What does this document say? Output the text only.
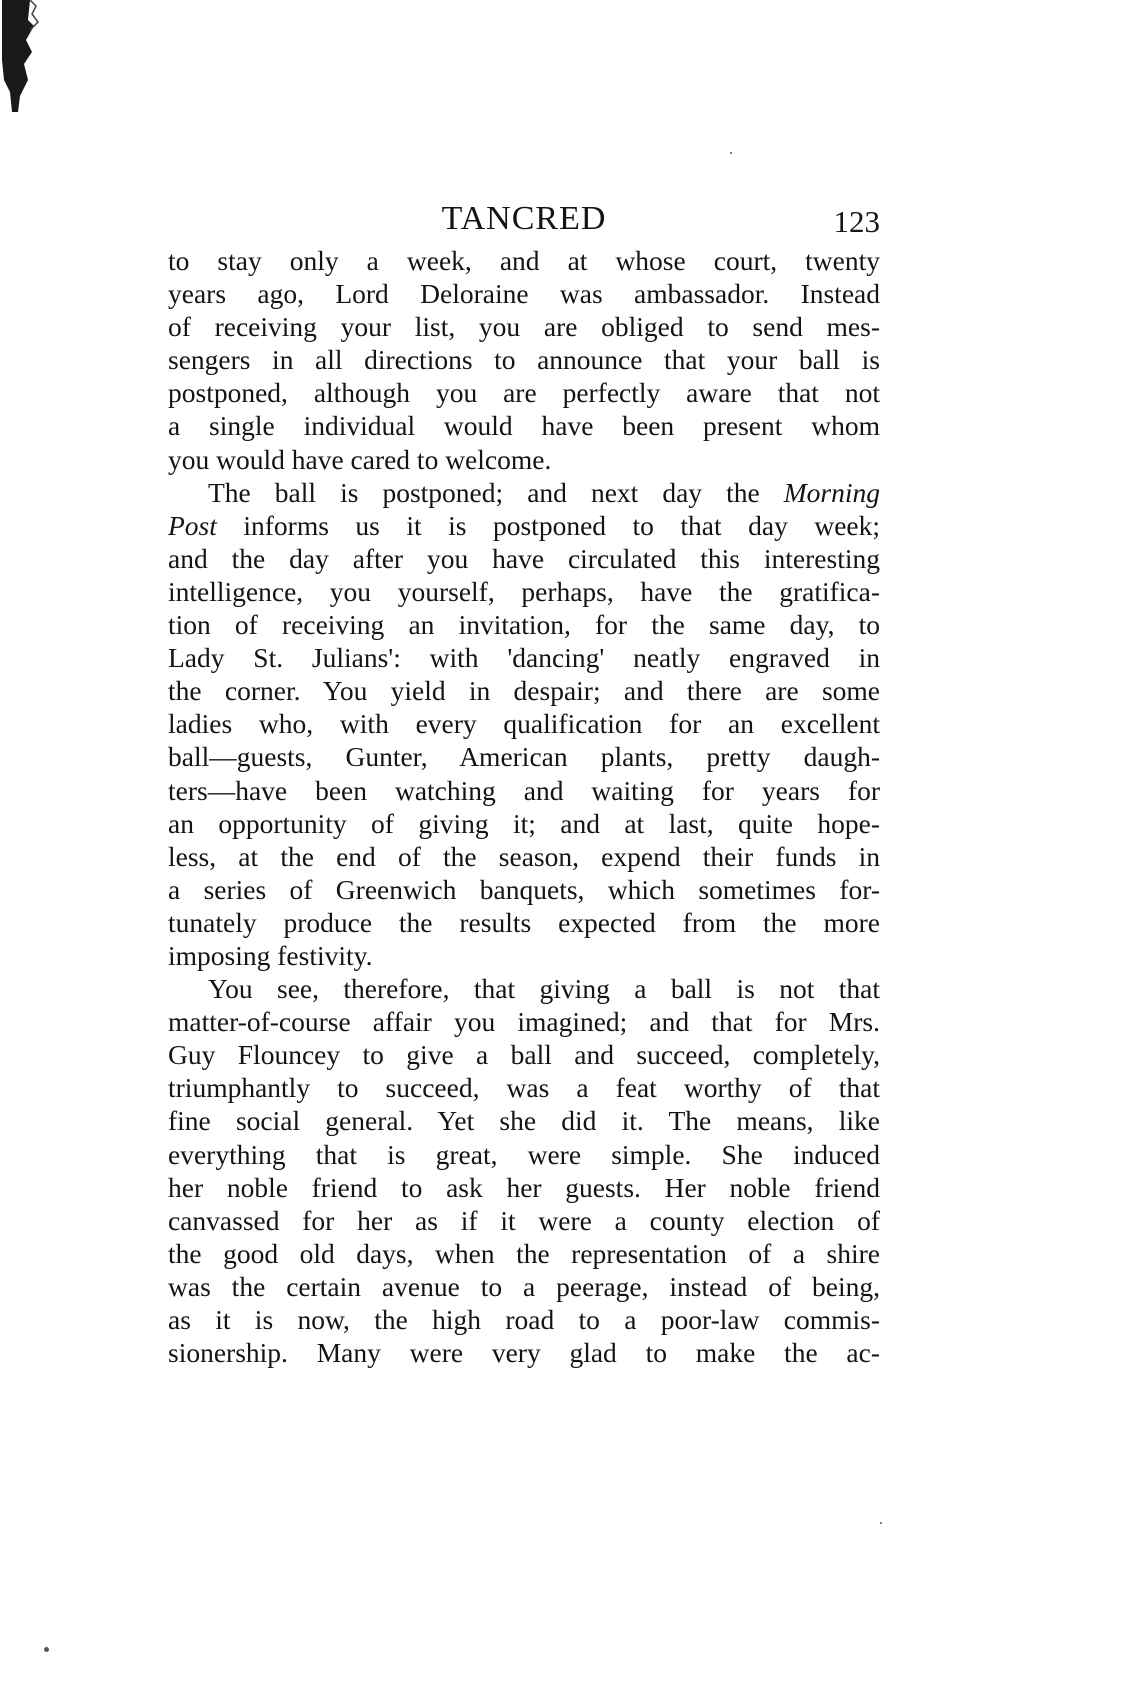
TANCRED	123
to stay only a week, and at whose court, twenty
years ago, Lord Deloraine was ambassador. Instead
of receiving your list, you are obliged to send mes-
sengers in all directions to announce that your ball is
postponed, although you are perfectly aware that not
a single individual would have been present whom
you would have cared to welcome.
The ball is postponed; and next day the Morning
Post informs us it is postponed to that day week;
and the day after you have circulated this interesting
intelligence, you yourself, perhaps, have the gratifica-
tion of receiving an invitation, for the same day, to
Lady St. Julians': with 'dancing' neatly engraved in
the corner. You yield in despair; and there are some
ladies who, with every qualification for an excellent
ball—guests, Gunter, American plants, pretty daugh-
ters—have been watching and waiting for years for
an opportunity of giving it; and at last, quite hope-
less, at the end of the season, expend their funds in
a series of Greenwich banquets, which sometimes for-
tunately produce the results expected from the more
imposing festivity.
You see, therefore, that giving a ball is not that
matter-of-course affair you imagined; and that for Mrs.
Guy Flouncey to give a ball and succeed, completely,
triumphantly to succeed, was a feat worthy of that
fine social general. Yet she did it. The means, like
everything that is great, were simple. She induced
her noble friend to ask her guests. Her noble friend
canvassed for her as if it were a county election of
the good old days, when the representation of a shire
was the certain avenue to a peerage, instead of being,
as it is now, the high road to a poor-law commis-
sionership. Many were very glad to make the ac-
